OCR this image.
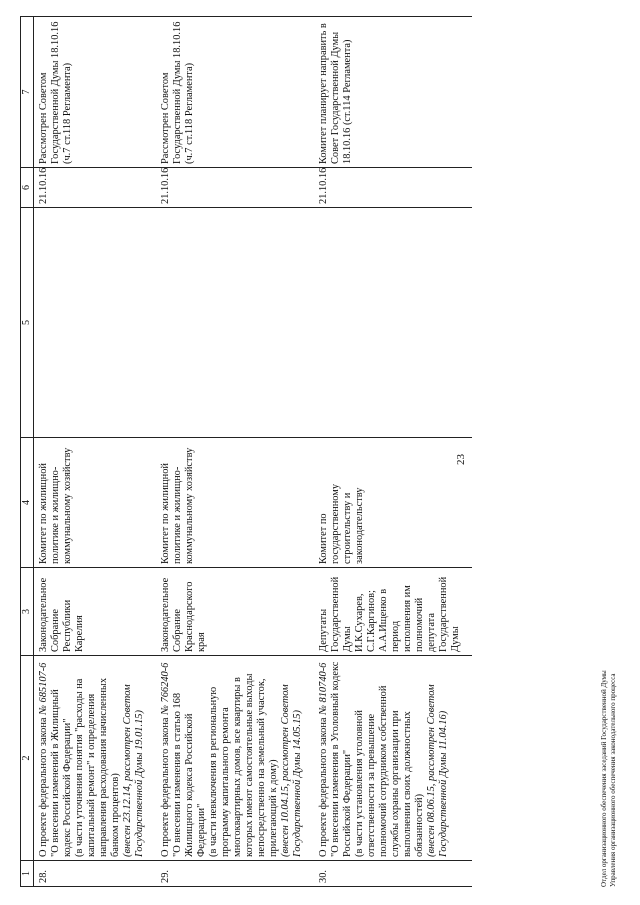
1	2	3	4	5	6	7
28.	О проекте федерального закона № 685107-6
"О внесении изменений в Жилищный кодекс Российской Федерации" (в части уточнения понятия "расходы на капитальный ремонт" и определения направления расходования начисленных банком процентов) (внесен 23.12.14, рассмотрен Советом Государственной Думы 19.01.15)	Законодательное Собрание Республики Карелия	Комитет по жилищной политике и жилищно-коммунальному хозяйству		21.10.16	Рассмотрен Советом Государственной Думы 18.10.16 (ч.7 ст.118 Регламента)
29.	О проекте федерального закона № 766240-6
"О внесении изменения в статью 168 Жилищного кодекса Российской Федерации" (в части невключения в региональную программу капитального ремонта многоквартирных домов, все квартиры в которых имеют самостоятельные выходы непосредственно на земельный участок, прилегающий к дому) (внесен 10.04.15, рассмотрен Советом Государственной Думы 14.05.15)	Законодательное Собрание Краснодарского края	Комитет по жилищной политике и жилищно-коммунальному хозяйству		21.10.16	Рассмотрен Советом Государственной Думы 18.10.16 (ч.7 ст.118 Регламента)
30.	О проекте федерального закона № 810740-6 "О внесении изменения в Уголовный кодекс Российской Федерации" (в части установления уголовной ответственности за превышение полномочий сотрудником собственной службы охраны организации при выполнении своих должностных обязанностей) (внесен 08.06.15, рассмотрен Советом Государственной Думы 11.04.16)	Депутаты Государственной Думы И.К.Сухарев, С.Г.Каргинов; А.А.Ищенко в период исполнения им полномочий депутата Государственной Думы	Комитет по государственному строительству и законодательству		21.10.16	Комитет планирует направить в Совет Государственной Думы 18.10.16 (ст.114 Регламента)
23
Отдел организационного обеспечения заседаний Государственной Думы Управления организационного обеспечения законодательного процесса
